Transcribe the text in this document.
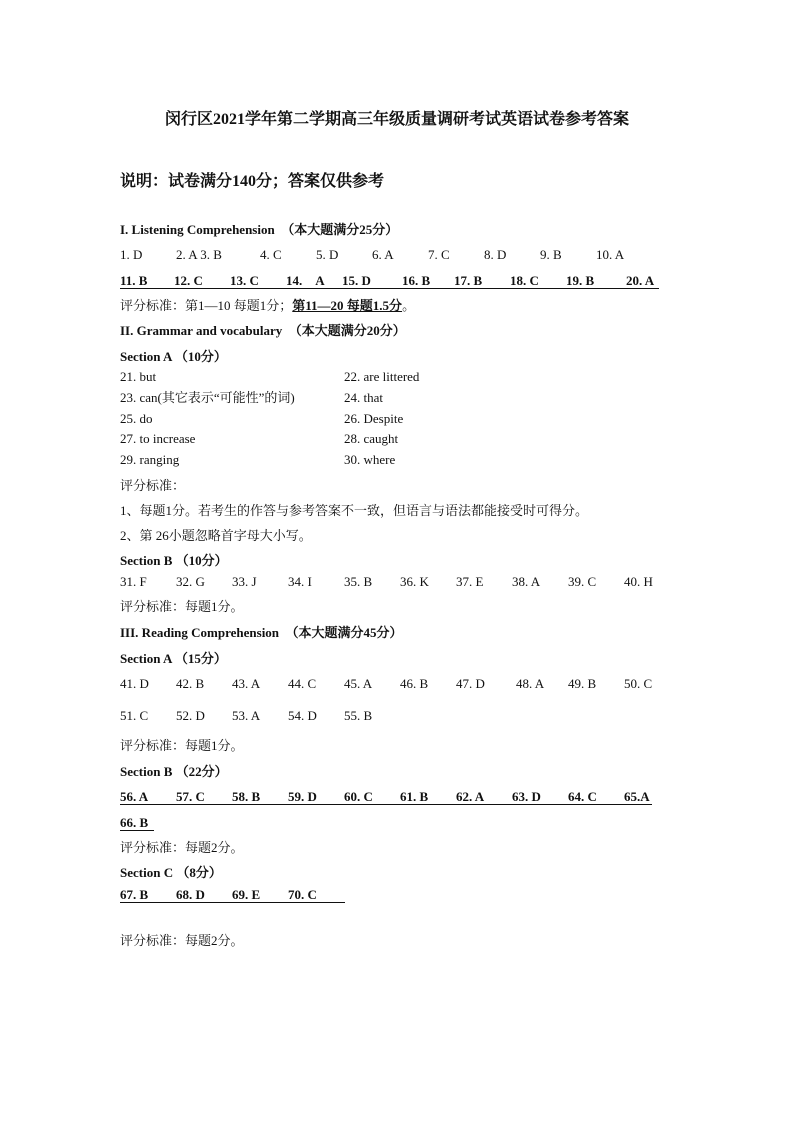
闵行区2021学年第二学期高三年级质量调研考试英语试卷参考答案
说明：试卷满分140分；答案仅供参考
I. Listening Comprehension　（本大题满分25分）
1. D	2. A 3. B	4. C	5. D	6. A	7. C	8. D	9. B	10. A
11. B 12. C 13. C 14.　A 15. D 16. B 17. B 18. C 19. B 20. A
评分标准：第1—10 每题1分；第11—20 每题1.5分。
II. Grammar and vocabulary　（本大题满分20分）
Section A （10分）
21. but	22. are littered
23. can(其它表示“可能性”的词)	24. that
25. do	26. Despite
27. to increase	28. caught
29. ranging	30. where
评分标准：
1、每题1分。若考生的作答与参考答案不一致，但语言与语法都能接受时可得分。
2、第 26小题忽略首字母大小写。
Section B （10分）
31. F 32. G 33. J 34. I 35. B 36. K 37. E 38. A 39. C 40. H
评分标准：每题1分。
III. Reading Comprehension　（本大题满分45分）
Section A （15分）
41. D 42. B 43. A 44. C 45. A 46. B 47. D 48. A 49. B 50. C
51. C 52. D 53. A 54. D 55. B
评分标准：每题1分。
Section B （22分）
56. A 57. C 58. B 59. D 60. C 61. B 62. A 63. D 64. C 65.A
66. B
评分标准：每题2分。
Section C （8分）
67. B 68. D 69. E 70. C
评分标准：每题2分。
